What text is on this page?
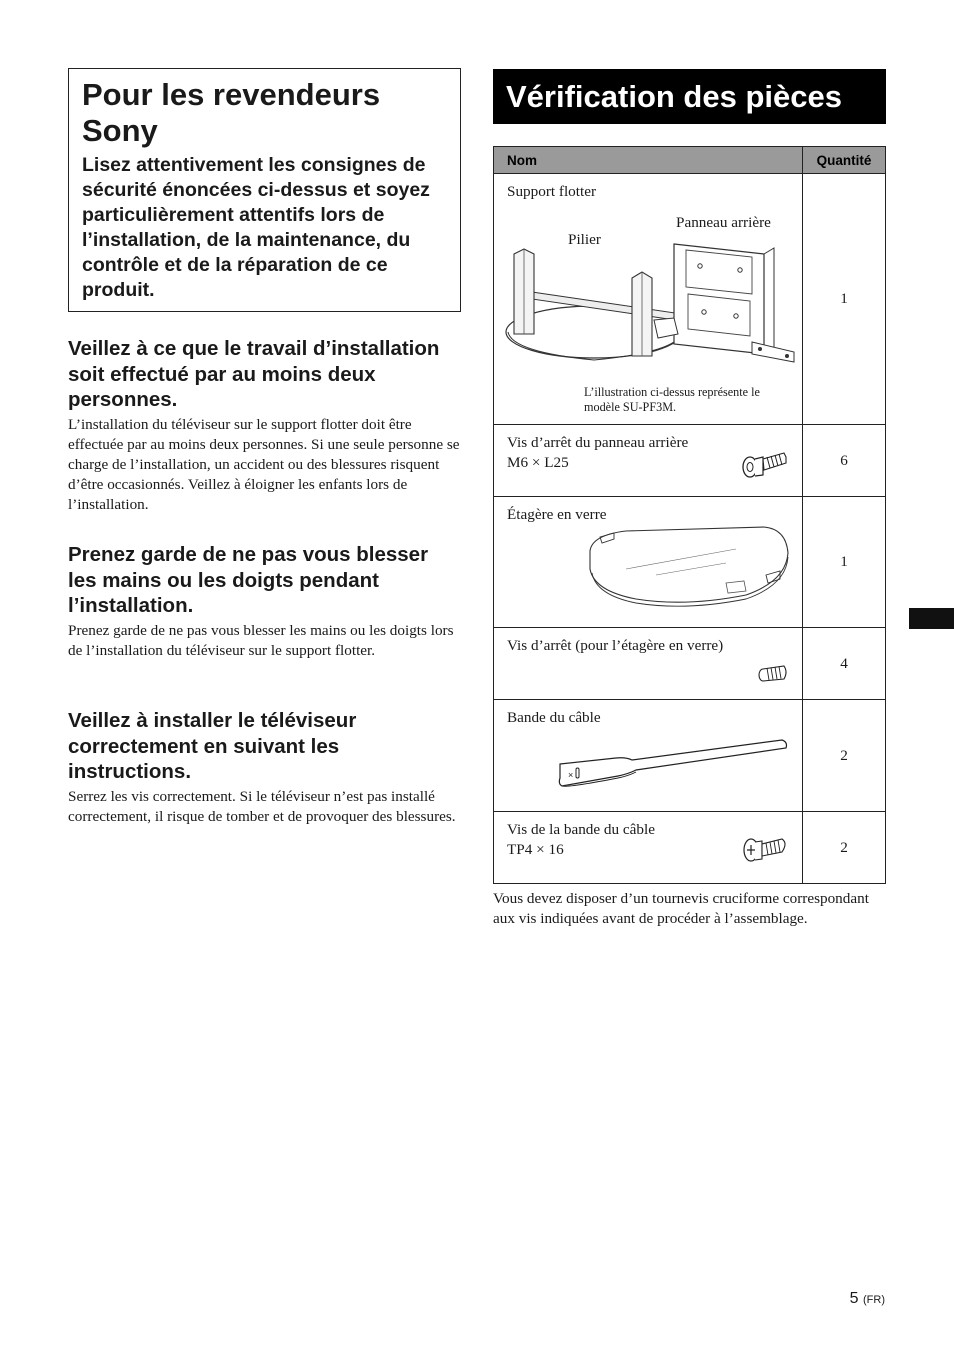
Pour les revendeurs Sony

Lisez attentivement les consignes de sécurité énoncées ci-dessus et soyez particulièrement attentifs lors de l’installation, de la maintenance, du contrôle et de la réparation de ce produit.

Veillez à ce que le travail d’installation soit effectué par au moins deux personnes.

L’installation du téléviseur sur le support flotter doit être effectuée par au moins deux personnes. Si une seule personne se charge de l’installation, un accident ou des blessures risquent d’être occasionnés. Veillez à éloigner les enfants lors de l’installation.

Prenez garde de ne pas vous blesser les mains ou les doigts pendant l’installation.

Prenez garde de ne pas vous blesser les mains ou les doigts lors de l’installation du téléviseur sur le support flotter.

Veillez à installer le téléviseur correctement en suivant les instructions.

Serrez les vis correctement. Si le téléviseur n’est pas installé correctement, il risque de tomber et de provoquer des blessures.

Vérification des pièces
Nom	Quantité

Support flotter
Panneau arrière
Pilier
L’illustration ci-dessus représente le modèle SU-PF3M.	1

Vis d’arrêt du panneau arrière
M6 × L25	6

Étagère en verre	1

Vis d’arrêt (pour l’étagère en verre)	4

Bande du câble
×	2

Vis de la bande du câble
TP4 × 16	2

Vous devez disposer d’un tournevis cruciforme correspondant aux vis indiquées avant de procéder à l’assemblage.

5 (FR)
